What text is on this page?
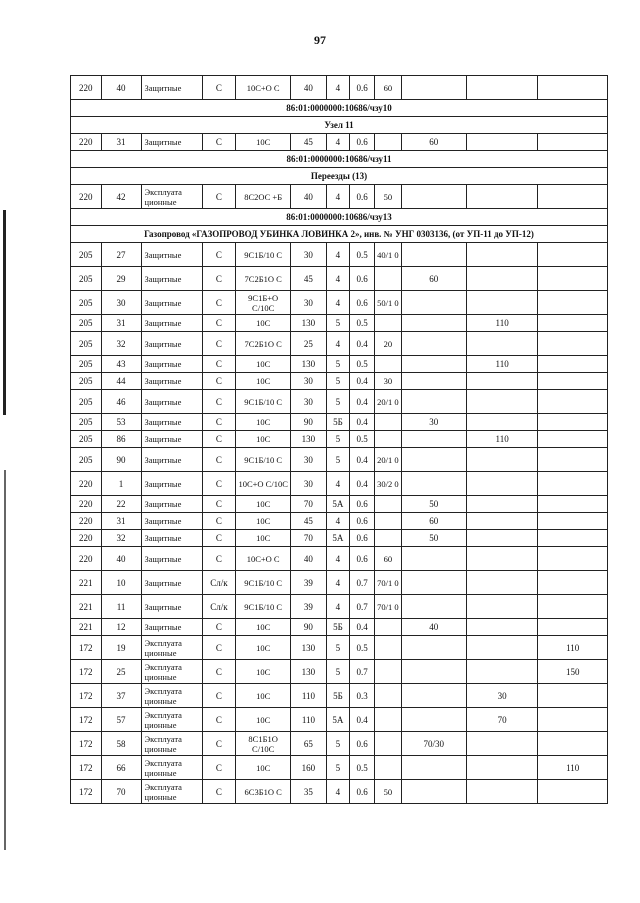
97
220	40	Защитные	С	10С+О С	40	4	0.6	60			
86:01:0000000:10686/чзу10											
Узел 11											
220	31	Защитные	С	10С	45	4	0.6		60		
86:01:0000000:10686/чзу11											
Переезды (13)											
220	42	Эксплуата ционные	С	8С2ОС +Б	40	4	0.6	50			
86:01:0000000:10686/чзу13											
Газопровод «ГАЗОПРОВОД УБИНКА ЛОВИНКА 2», инв. № УНГ 0303136, (от УП-11 до УП-12)											
205	27	Защитные	С	9С1Б/10 С	30	4	0.5	40/1 0			
205	29	Защитные	С	7С2Б1О С	45	4	0.6		60		
205	30	Защитные	С	9С1Б+О С/10С	30	4	0.6	50/1 0			
205	31	Защитные	С	10С	130	5	0.5			110	
205	32	Защитные	С	7С2Б1О С	25	4	0.4	20			
205	43	Защитные	С	10С	130	5	0.5			110	
205	44	Защитные	С	10С	30	5	0.4	30			
205	46	Защитные	С	9С1Б/10 С	30	5	0.4	20/1 0			
205	53	Защитные	С	10С	90	5Б	0.4		30		
205	86	Защитные	С	10С	130	5	0.5			110	
205	90	Защитные	С	9С1Б/10 С	30	5	0.4	20/1 0			
220	1	Защитные	С	10С+О С/10С	30	4	0.4	30/2 0			
220	22	Защитные	С	10С	70	5А	0.6		50		
220	31	Защитные	С	10С	45	4	0.6		60		
220	32	Защитные	С	10С	70	5А	0.6		50		
220	40	Защитные	С	10С+О С	40	4	0.6	60			
221	10	Защитные	Сл/к	9С1Б/10 С	39	4	0.7	70/1 0			
221	11	Защитные	Сл/к	9С1Б/10 С	39	4	0.7	70/1 0			
221	12	Защитные	С	10С	90	5Б	0.4		40		
172	19	Эксплуата ционные	С	10С	130	5	0.5				110
172	25	Эксплуата ционные	С	10С	130	5	0.7				150
172	37	Эксплуата ционные	С	10С	110	5Б	0.3			30	
172	57	Эксплуата ционные	С	10С	110	5А	0.4			70	
172	58	Эксплуата ционные	С	8С1Б1О С/10С	65	5	0.6		70/30		
172	66	Эксплуата ционные	С	10С	160	5	0.5				110
172	70	Эксплуата ционные	С	6С3Б1О С	35	4	0.6	50			
